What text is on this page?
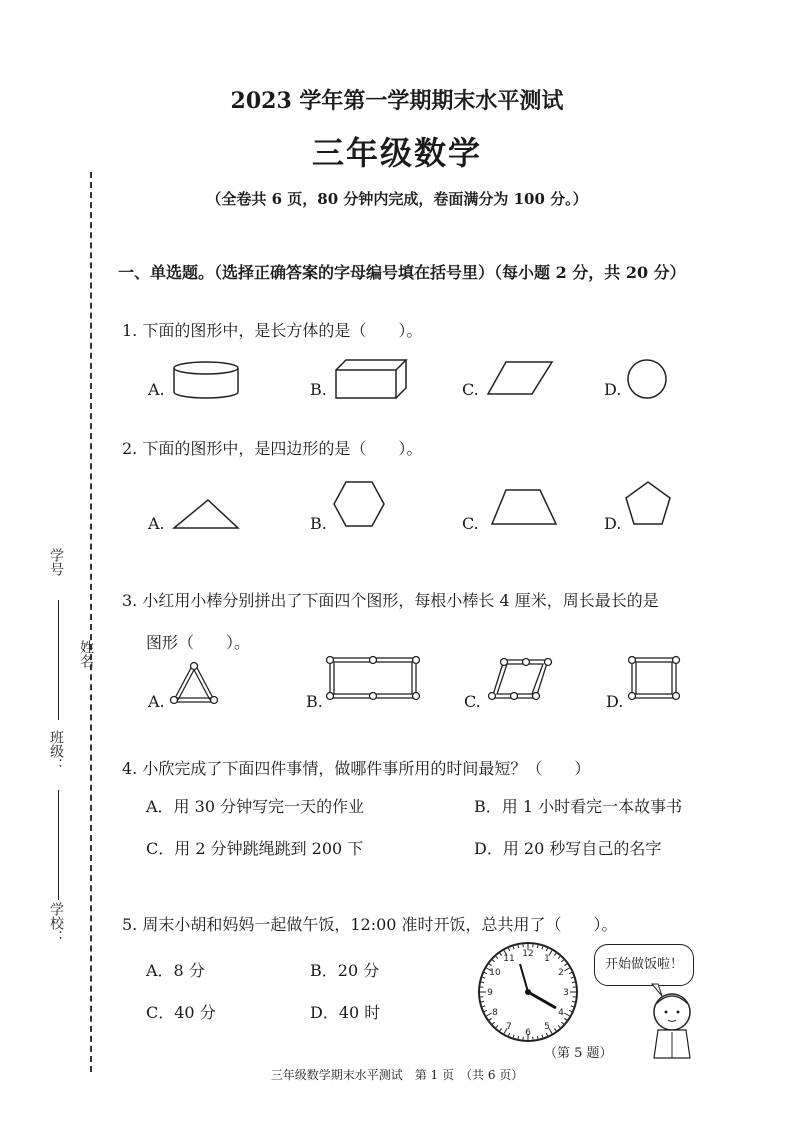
学校：
班级：
姓名
学号
2023 学年第一学期期末水平测试
三年级数学
（全卷共 6 页，80 分钟内完成，卷面满分为 100 分。）
一、单选题。（选择正确答案的字母编号填在括号里）（每小题 2 分，共 20 分）
1. 下面的图形中，是长方体的是（　　）。
A.	B.	C.	D.
2. 下面的图形中，是四边形的是（　　）。
A.	B.	C.	D.
3. 小红用小棒分别拼出了下面四个图形，每根小棒长 4 厘米，周长最长的是
图形（　　）。
A.	B.	C.	D.
4. 小欣完成了下面四件事情，做哪件事所用的时间最短？（　　）
A．用 30 分钟写完一天的作业	B．用 1 小时看完一本故事书
C．用 2 分钟跳绳跳到 200 下	D．用 20 秒写自己的名字
5. 周末小胡和妈妈一起做午饭，12:00 准时开饭，总共用了（　　）。
A．8 分	B．20 分
C．40 分	D．40 时
12 1
2
3
4
5
6
7
8
9
10
11	开始做饭啦！
（第 5 题）
三年级数学期末水平测试　第 1 页　（共 6 页）
